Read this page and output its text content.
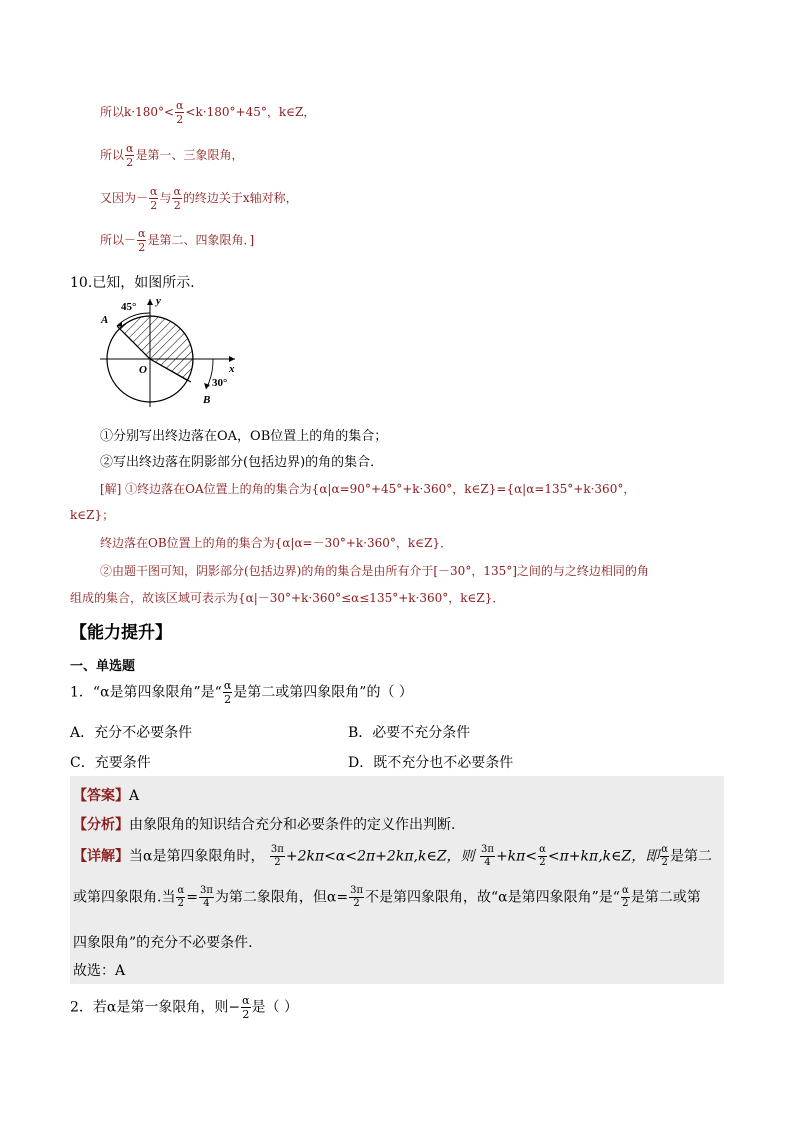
所以$k\cdot 180^\circ< \frac{\alpha}{2} <k\cdot 180^\circ+45^\circ$，k∈Z，
所以 $\frac{\alpha}{2}$ 是第一、三象限角，
又因为－ $\frac{\alpha}{2}$ 与 $\frac{\alpha}{2}$ 的终边关于x轴对称，
所以－ $\frac{\alpha}{2}$ 是第二、四象限角．]
10.已知，如图所示．
45° y
A
O	x
30°
B
①分别写出终边落在OA，OB位置上的角的集合；
②写出终边落在阴影部分(包括边界)的角的集合．
[解] ①终边落在OA位置上的角的集合为{α|α=90°+45°+k·360°，k∈Z}={α|α=135°+k·360°，
k∈Z}；
终边落在OB位置上的角的集合为{α|α=－30°+k·360°，k∈Z}．
②由题干图可知，阴影部分(包括边界)的角的集合是由所有介于[－30°，135°]之间的与之终边相同的角
组成的集合，故该区域可表示为{α|－30°+k·360°≤α≤135°+k·360°，k∈Z}．
【能力提升】
一、单选题
1．“α是第四象限角”是“ $\frac{\alpha}{2}$ 是第二或第四象限角”的（ ）
A．充分不必要条件	B．必要不充分条件
C．充要条件	D．既不充分也不必要条件
【答案】A
【分析】由象限角的知识结合充分和必要条件的定义作出判断.
【详解】当α是第四象限角时， $\frac{3\pi}{2}$ +2kπ<α<2π+2kπ,k∈Z，则 $\frac{3\pi}{4} +k\pi< \frac{\alpha}{2}$ <π+kπ,k∈Z，即 $\frac{\alpha}{2}$ 是第二
或第四象限角.当 $\frac{\alpha}{2} = \frac{3\pi}{4}$ 为第二象限角，但$\alpha= \frac{3\pi}{2}$ 不是第四象限角，故“α是第四象限角”是“ $\frac{\alpha}{2}$ 是第二或第
四象限角”的充分不必要条件.
故选：A
2．若α是第一象限角，则− $\frac{\alpha}{2}$ 是（ ）
